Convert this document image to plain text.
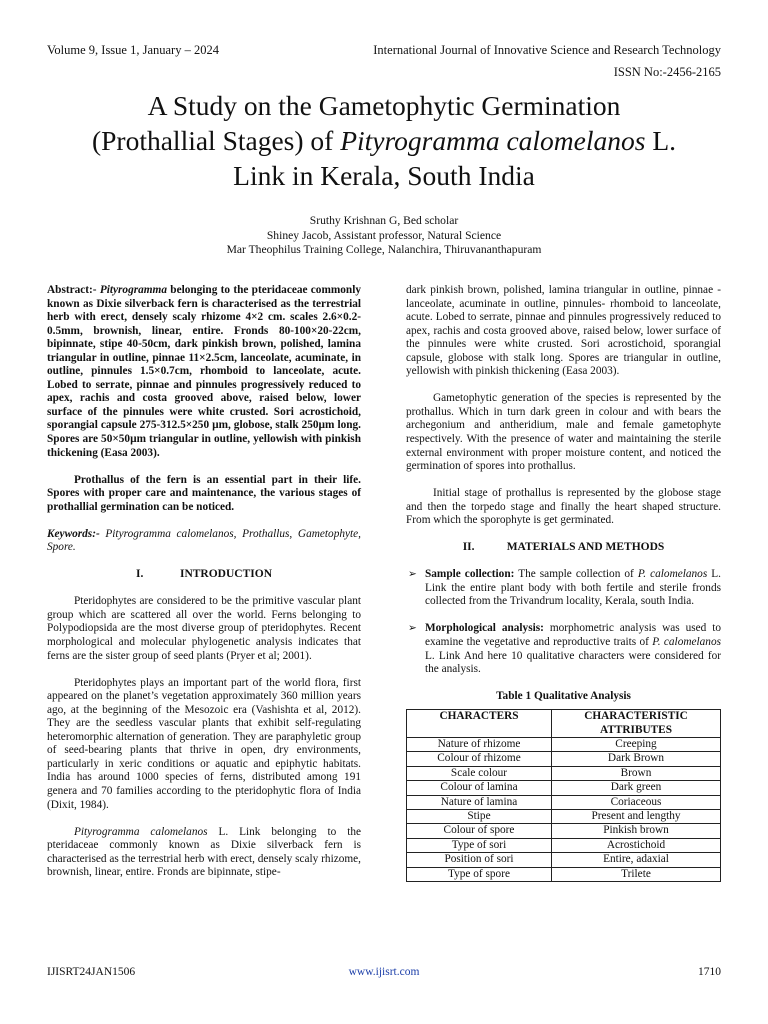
Volume 9, Issue 1, January – 2024	International Journal of Innovative Science and Research Technology
ISSN No:-2456-2165
A Study on the Gametophytic Germination
(Prothallial Stages) of Pityrogramma calomelanos L.
Link in Kerala, South India
Sruthy Krishnan G, Bed scholar
Shiney Jacob, Assistant professor, Natural Science
Mar Theophilus Training College, Nalanchira, Thiruvananthapuram

Abstract:- Pityrogramma belonging to the pteridaceae commonly known as Dixie silverback fern is characterised as the terrestrial herb with erect, densely scaly rhizome 4×2 cm. scales 2.6×0.2- 0.5mm, brownish, linear, entire. Fronds 80-100×20-22cm, bipinnate, stipe 40-50cm, dark pinkish brown, polished, lamina triangular in outline, pinnae 11×2.5cm, lanceolate, acuminate, in outline, pinnules 1.5×0.7cm, rhomboid to lanceolate, acute. Lobed to serrate, pinnae and pinnules progressively reduced to apex, rachis and costa grooved above, raised below, lower surface of the pinnules were white crusted. Sori acrostichoid, sporangial capsule 275-312.5×250 µm, globose, stalk 250µm long. Spores are 50×50µm triangular in outline, yellowish with pinkish thickening (Easa 2003).

Prothallus of the fern is an essential part in their life. Spores with proper care and maintenance, the various stages of prothallial germination can be noticed.

Keywords:- Pityrogramma calomelanos, Prothallus, Gametophyte, Spore.

I.	INTRODUCTION

Pteridophytes are considered to be the primitive vascular plant group which are scattered all over the world. Ferns belonging to Polypodiopsida are the most diverse group of pteridophytes. Recent morphological and molecular phylogenetic analysis indicates that ferns are the sister group of seed plants (Pryer et al; 2001).

Pteridophytes plays an important part of the world flora, first appeared on the planet’s vegetation approximately 360 million years ago, at the beginning of the Mesozoic era (Vashishta et al, 2012). They are the seedless vascular plants that exhibit self-regulating heteromorphic alternation of generation. They are paraphyletic group of seed-bearing plants that thrive in open, dry environments, particularly in xeric conditions or aquatic and epiphytic habitats. India has around 1000 species of ferns, distributed among 191 genera and 70 families according to the pteridophytic flora of India (Dixit, 1984).

Pityrogramma calomelanos L. Link belonging to the pteridaceae commonly known as Dixie silverback fern is characterised as the terrestrial herb with erect, densely scaly rhizome, brownish, linear, entire. Fronds are bipinnate, stipe-

dark pinkish brown, polished, lamina triangular in outline, pinnae -lanceolate, acuminate in outline, pinnules- rhomboid to lanceolate, acute. Lobed to serrate, pinnae and pinnules progressively reduced to apex, rachis and costa grooved above, raised below, lower surface of the pinnules were white crusted. Sori acrostichoid, sporangial capsule, globose with stalk long. Spores are triangular in outline, yellowish with pinkish thickening (Easa 2003).

Gametophytic generation of the species is represented by the prothallus. Which in turn dark green in colour and with bears the archegonium and antheridium, male and female gametophyte respectively. With the presence of water and maintaining the sterile external environment with proper moisture content, and noticed the germination of spores into prothallus.

Initial stage of prothallus is represented by the globose stage and then the torpedo stage and finally the heart shaped structure. From which the sporophyte is get germinated.

II.	MATERIALS AND METHODS

➢ Sample collection: The sample collection of P. calomelanos L. Link the entire plant body with both fertile and sterile fronds collected from the Trivandrum locality, Kerala, south India.

➢ Morphological analysis: morphometric analysis was used to examine the vegetative and reproductive traits of P. calomelanos L. Link And here 10 qualitative characters were considered for the analysis.

Table 1 Qualitative Analysis
CHARACTERS	CHARACTERISTIC ATTRIBUTES
Nature of rhizome	Creeping
Colour of rhizome	Dark Brown
Scale colour	Brown
Colour of lamina	Dark green
Nature of lamina	Coriaceous
Stipe	Present and lengthy
Colour of spore	Pinkish brown
Type of sori	Acrostichoid
Position of sori	Entire, adaxial
Type of spore	Trilete
IJISRT24JAN1506	www.ijisrt.com	1710
